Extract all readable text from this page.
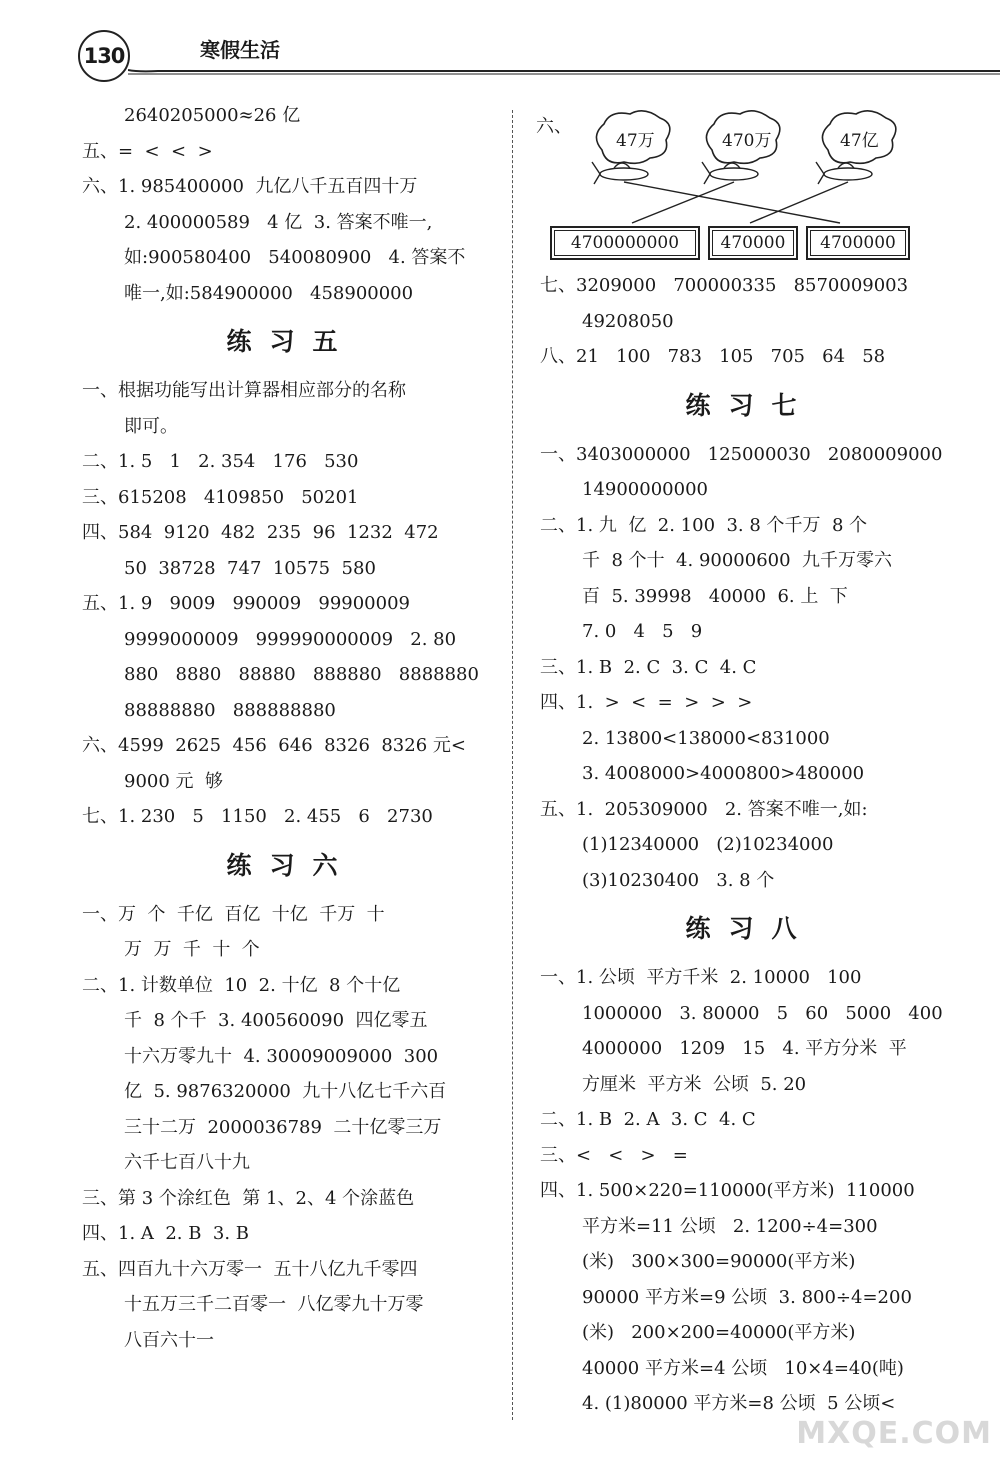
130	寒假生活
2640205000≈26 亿
五、=  <  <  >
六、1. 985400000  九亿八千五百四十万
2. 400000589   4 亿  3. 答案不唯一,
如:900580400   540080900   4. 答案不
唯一,如:584900000   458900000
练习五
一、根据功能写出计算器相应部分的名称
即可。
二、1. 5   1   2. 354   176   530
三、615208   4109850   50201
四、584  9120  482  235  96  1232  472
50  38728  747  10575  580
五、1. 9   9009   990009   99900009
9999000009   999990000009   2. 80
880   8880   88880   888880   8888880
88888880   888888880
六、4599  2625  456  646  8326  8326 元<
9000 元  够
七、1. 230   5   1150   2. 455   6   2730
练习六
一、万  个  千亿  百亿  十亿  千万  十
万  万  千  十  个
二、1. 计数单位  10  2. 十亿  8 个十亿
千  8 个千  3. 400560090  四亿零五
十六万零九十  4. 30009009000  300
亿  5. 9876320000  九十八亿七千六百
三十二万  2000036789  二十亿零三万
六千七百八十九
三、第 3 个涂红色  第 1、2、4 个涂蓝色
四、1. A  2. B  3. B
五、四百九十六万零一  五十八亿九千零四
十五万三千二百零一  八亿零九十万零
八百六十一
六、
47万	470万	47亿
4700000000	470000	4700000
七、3209000   700000335   8570009003
49208050
八、21   100   783   105   705   64   58
练习七
一、3403000000   125000030   2080009000
14900000000
二、1. 九  亿  2. 100  3. 8 个千万  8 个
千  8 个十  4. 90000600  九千万零六
百  5. 39998   40000  6. 上  下
7. 0   4   5   9
三、1. B  2. C  3. C  4. C
四、1.  >  <  =  >  >  >
2. 13800<138000<831000
3. 4008000>4000800>480000
五、1.  205309000   2. 答案不唯一,如:
(1)12340000   (2)10234000
(3)10230400   3. 8 个
练习八
一、1. 公顷  平方千米  2. 10000   100
1000000   3. 80000   5   60   5000   400
4000000   1209   15   4. 平方分米  平
方厘米  平方米  公顷  5. 20
二、1. B  2. A  3. C  4. C
三、<   <   >   =
四、1. 500×220=110000(平方米)  110000
平方米=11 公顷   2. 1200÷4=300
(米)   300×300=90000(平方米)
90000 平方米=9 公顷  3. 800÷4=200
(米)   200×200=40000(平方米)
40000 平方米=4 公顷   10×4=40(吨)
4. (1)80000 平方米=8 公顷  5 公顷<
MXQE.COM
